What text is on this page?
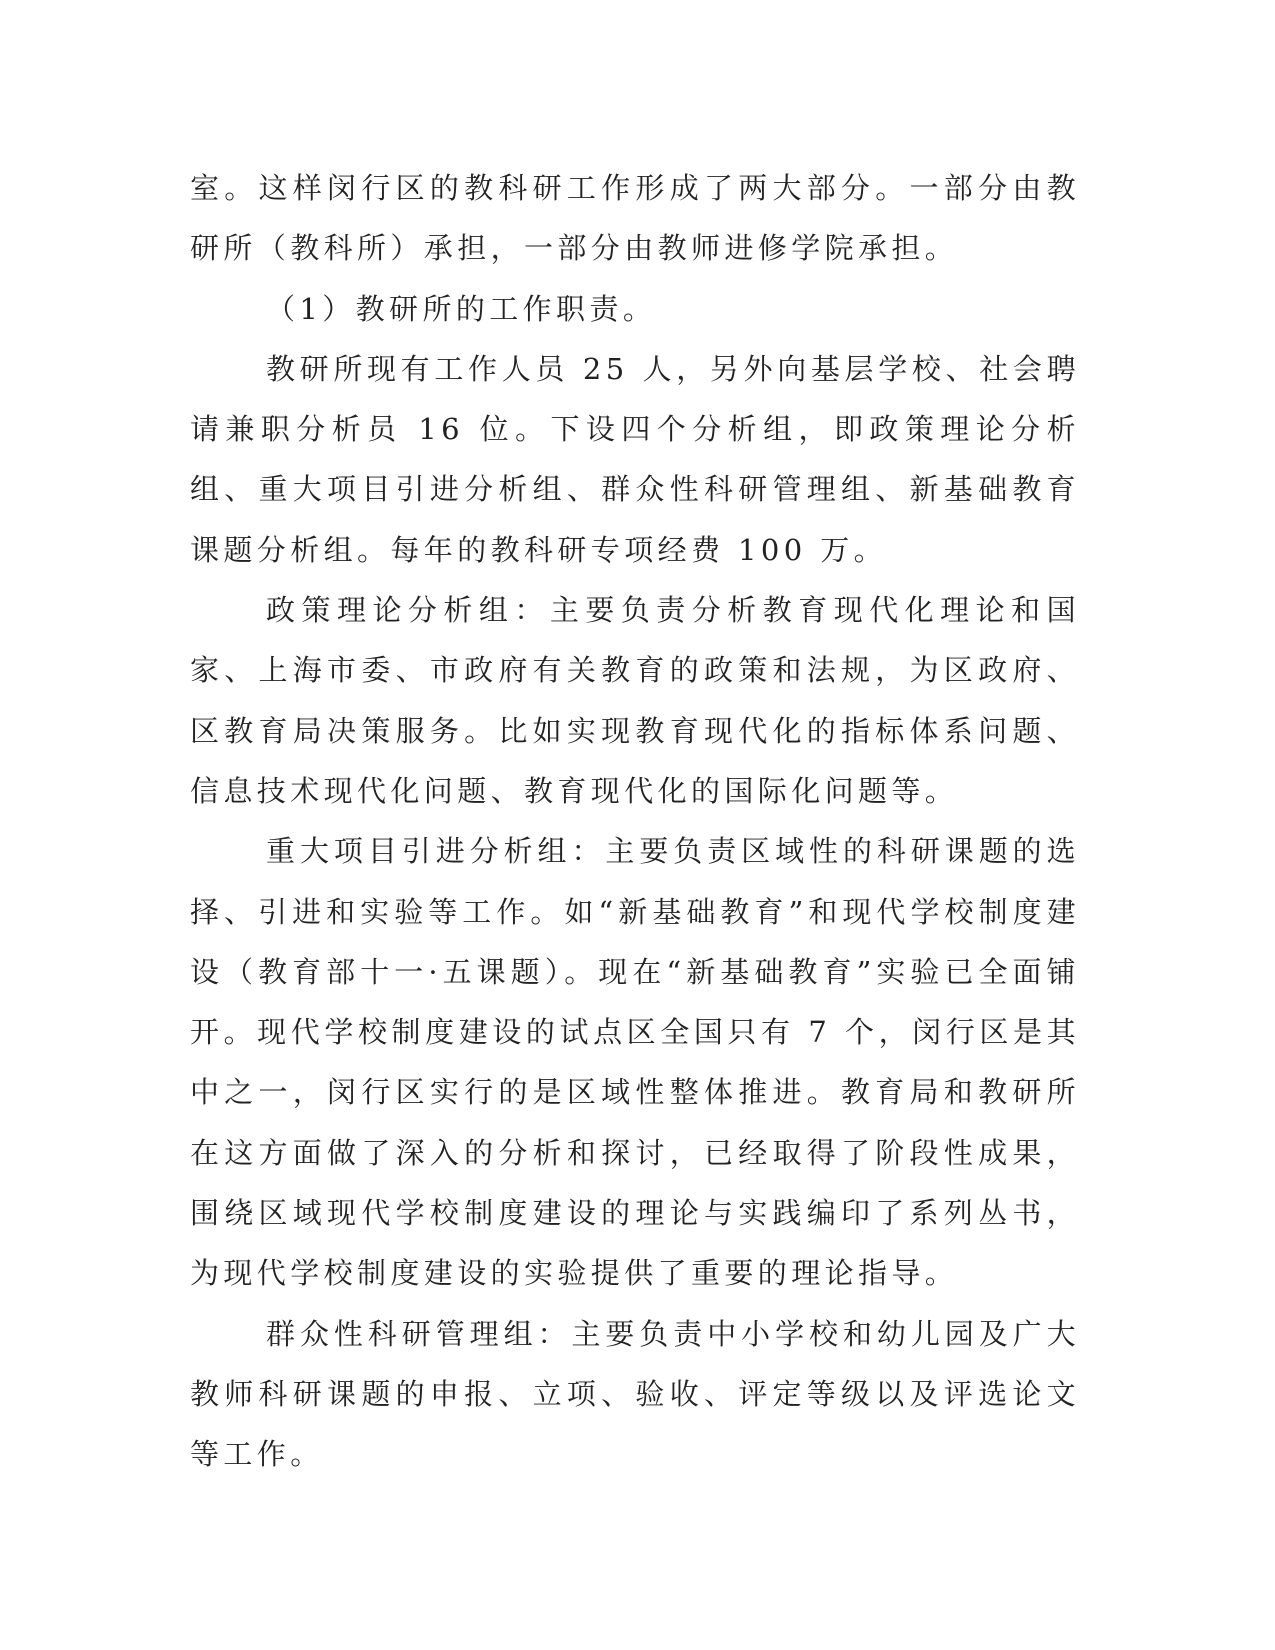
室。这样闵行区的教科研工作形成了两大部分。一部分由教研所（教科所）承担，一部分由教师进修学院承担。

（1）教研所的工作职责。

教研所现有工作人员 25 人，另外向基层学校、社会聘请兼职分析员 16 位。下设四个分析组，即政策理论分析组、重大项目引进分析组、群众性科研管理组、新基础教育课题分析组。每年的教科研专项经费 100 万。

政策理论分析组：主要负责分析教育现代化理论和国家、上海市委、市政府有关教育的政策和法规，为区政府、区教育局决策服务。比如实现教育现代化的指标体系问题、信息技术现代化问题、教育现代化的国际化问题等。

重大项目引进分析组：主要负责区域性的科研课题的选择、引进和实验等工作。如“新基础教育”和现代学校制度建设（教育部十一·五课题）。现在“新基础教育”实验已全面铺开。现代学校制度建设的试点区全国只有 7 个，闵行区是其中之一，闵行区实行的是区域性整体推进。教育局和教研所在这方面做了深入的分析和探讨，已经取得了阶段性成果，围绕区域现代学校制度建设的理论与实践编印了系列丛书，为现代学校制度建设的实验提供了重要的理论指导。

群众性科研管理组：主要负责中小学校和幼儿园及广大教师科研课题的申报、立项、验收、评定等级以及评选论文等工作。
